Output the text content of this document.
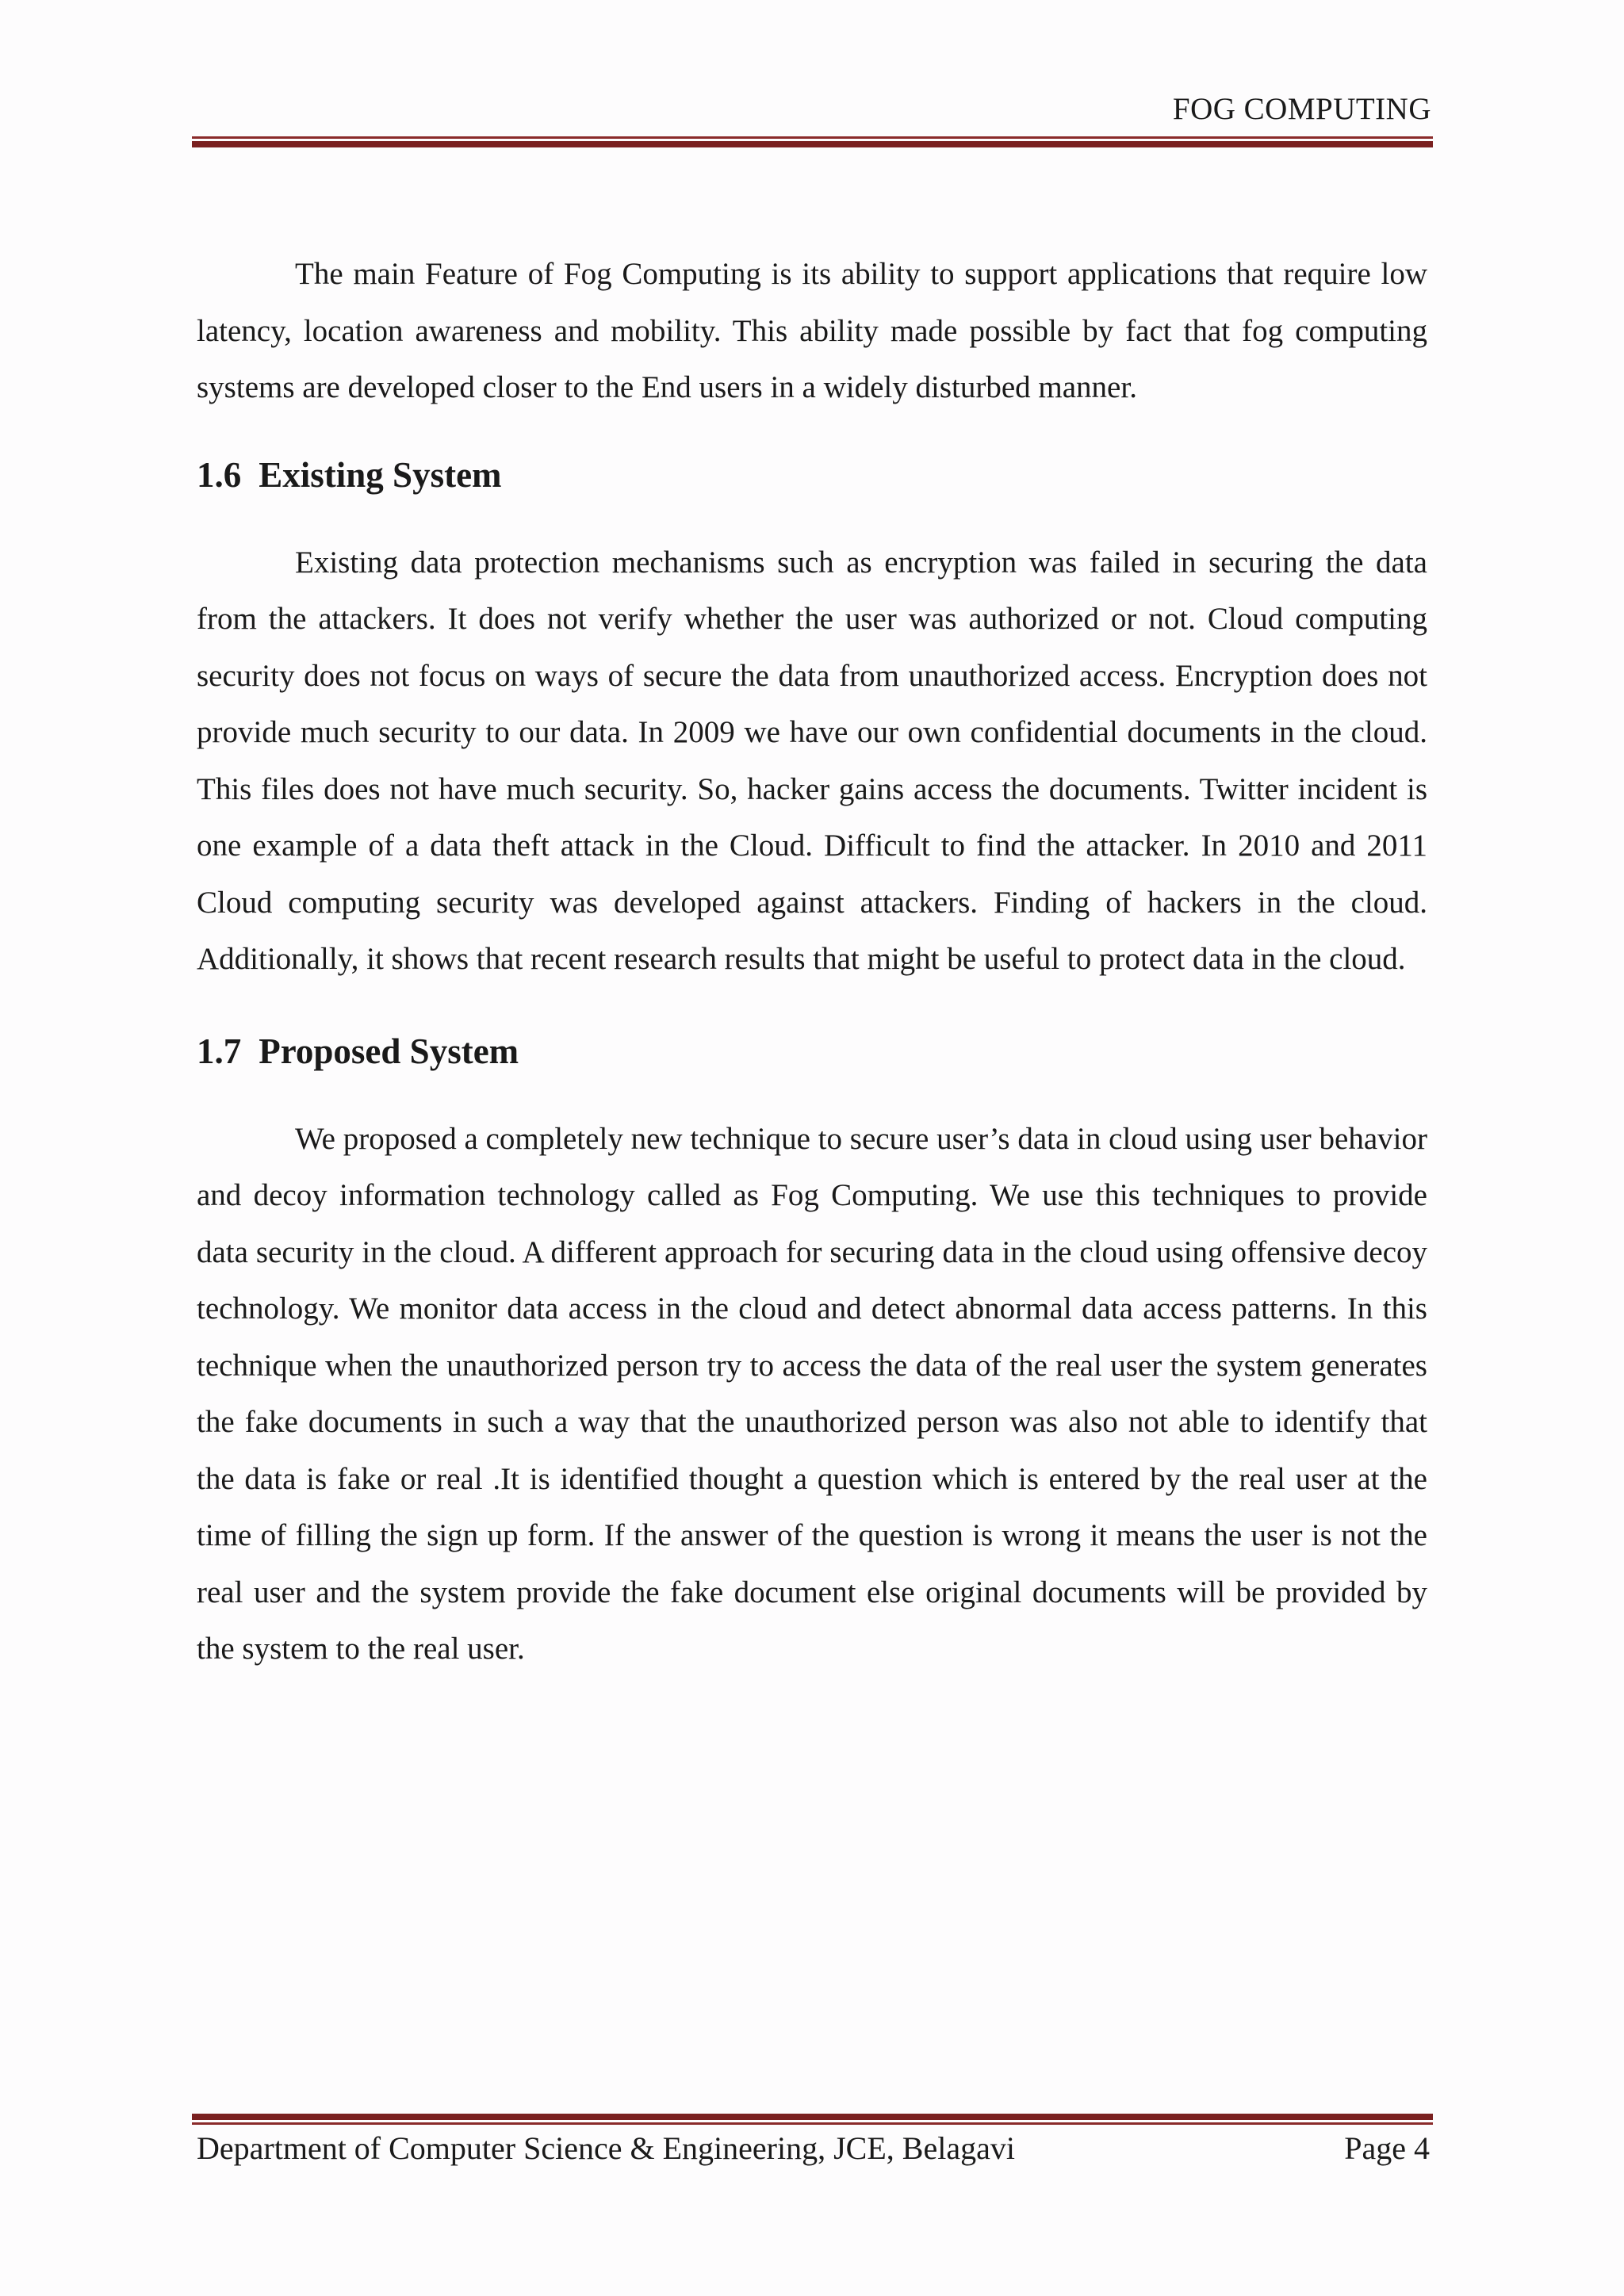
FOG COMPUTING

The main Feature of Fog Computing is its ability to support applications that require low latency, location awareness and mobility. This ability made possible by fact that fog computing systems are developed closer to the End users in a widely disturbed manner.

1.6 Existing System

Existing data protection mechanisms such as encryption was failed in securing the data from the attackers. It does not verify whether the user was authorized or not. Cloud computing security does not focus on ways of secure the data from unauthorized access. Encryption does not provide much security to our data. In 2009 we have our own confidential documents in the cloud. This files does not have much security. So, hacker gains access the documents. Twitter incident is one example of a data theft attack in the Cloud. Difficult to find the attacker. In 2010 and 2011 Cloud computing security was developed against attackers. Finding of hackers in the cloud. Additionally, it shows that recent research results that might be useful to protect data in the cloud.

1.7 Proposed System

We proposed a completely new technique to secure user’s data in cloud using user behavior and decoy information technology called as Fog Computing. We use this techniques to provide data security in the cloud. A different approach for securing data in the cloud using offensive decoy technology. We monitor data access in the cloud and detect abnormal data access patterns. In this technique when the unauthorized person try to access the data of the real user the system generates the fake documents in such a way that the unauthorized person was also not able to identify that the data is fake or real .It is identified thought a question which is entered by the real user at the time of filling the sign up form. If the answer of the question is wrong it means the user is not the real user and the system provide the fake document else original documents will be provided by the system to the real user.

Department of Computer Science & Engineering, JCE, Belagavi	Page 4
